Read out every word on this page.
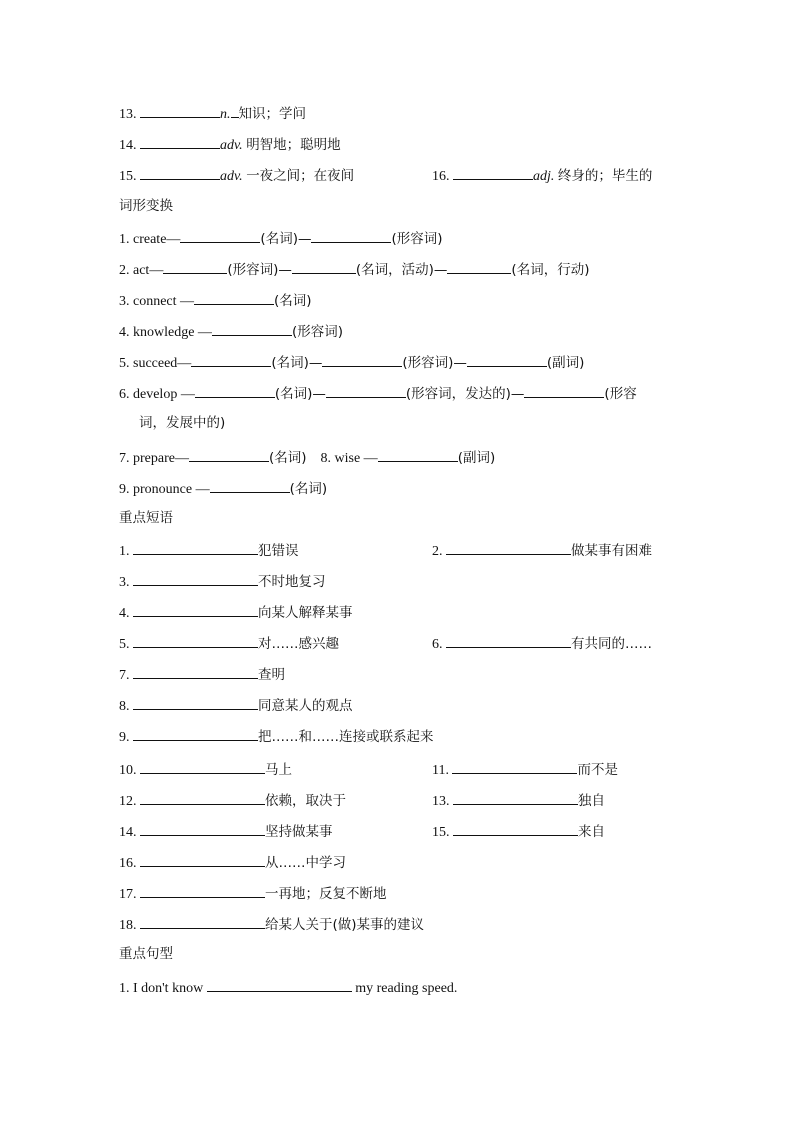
13.	n. 知识；学问
14.	adv. 明智地；聪明地
15.	adv. 一夜之间；在夜间	16.	adj. 终身的；毕生的
词形变换
1. create—	(名词)—	(形容词)
2. act—	(形容词)—	(名词，活动)—	(名词，行动)
3. connect —	(名词)
4. knowledge —	(形容词)
5. succeed—	(名词)—	(形容词)—	(副词)
6. develop —	(名词)—	(形容词，发达的)—	(形容
词，发展中的)
7. prepare—	(名词) 8. wise —	(副词)
9. pronounce —	(名词)
重点短语
1.	犯错误	2.	做某事有困难
3.	不时地复习
4.	向某人解释某事
5.	对……感兴趣	6.	有共同的……
7.	查明
8.	同意某人的观点
9.	把……和……连接或联系起来
10.	马上	11.	而不是
12.	依赖，取决于	13.	独自
14.	坚持做某事	15.	来自
16.	从……中学习
17.	一再地；反复不断地
18.	给某人关于(做)某事的建议
重点句型
1. I don't know	my reading speed.
